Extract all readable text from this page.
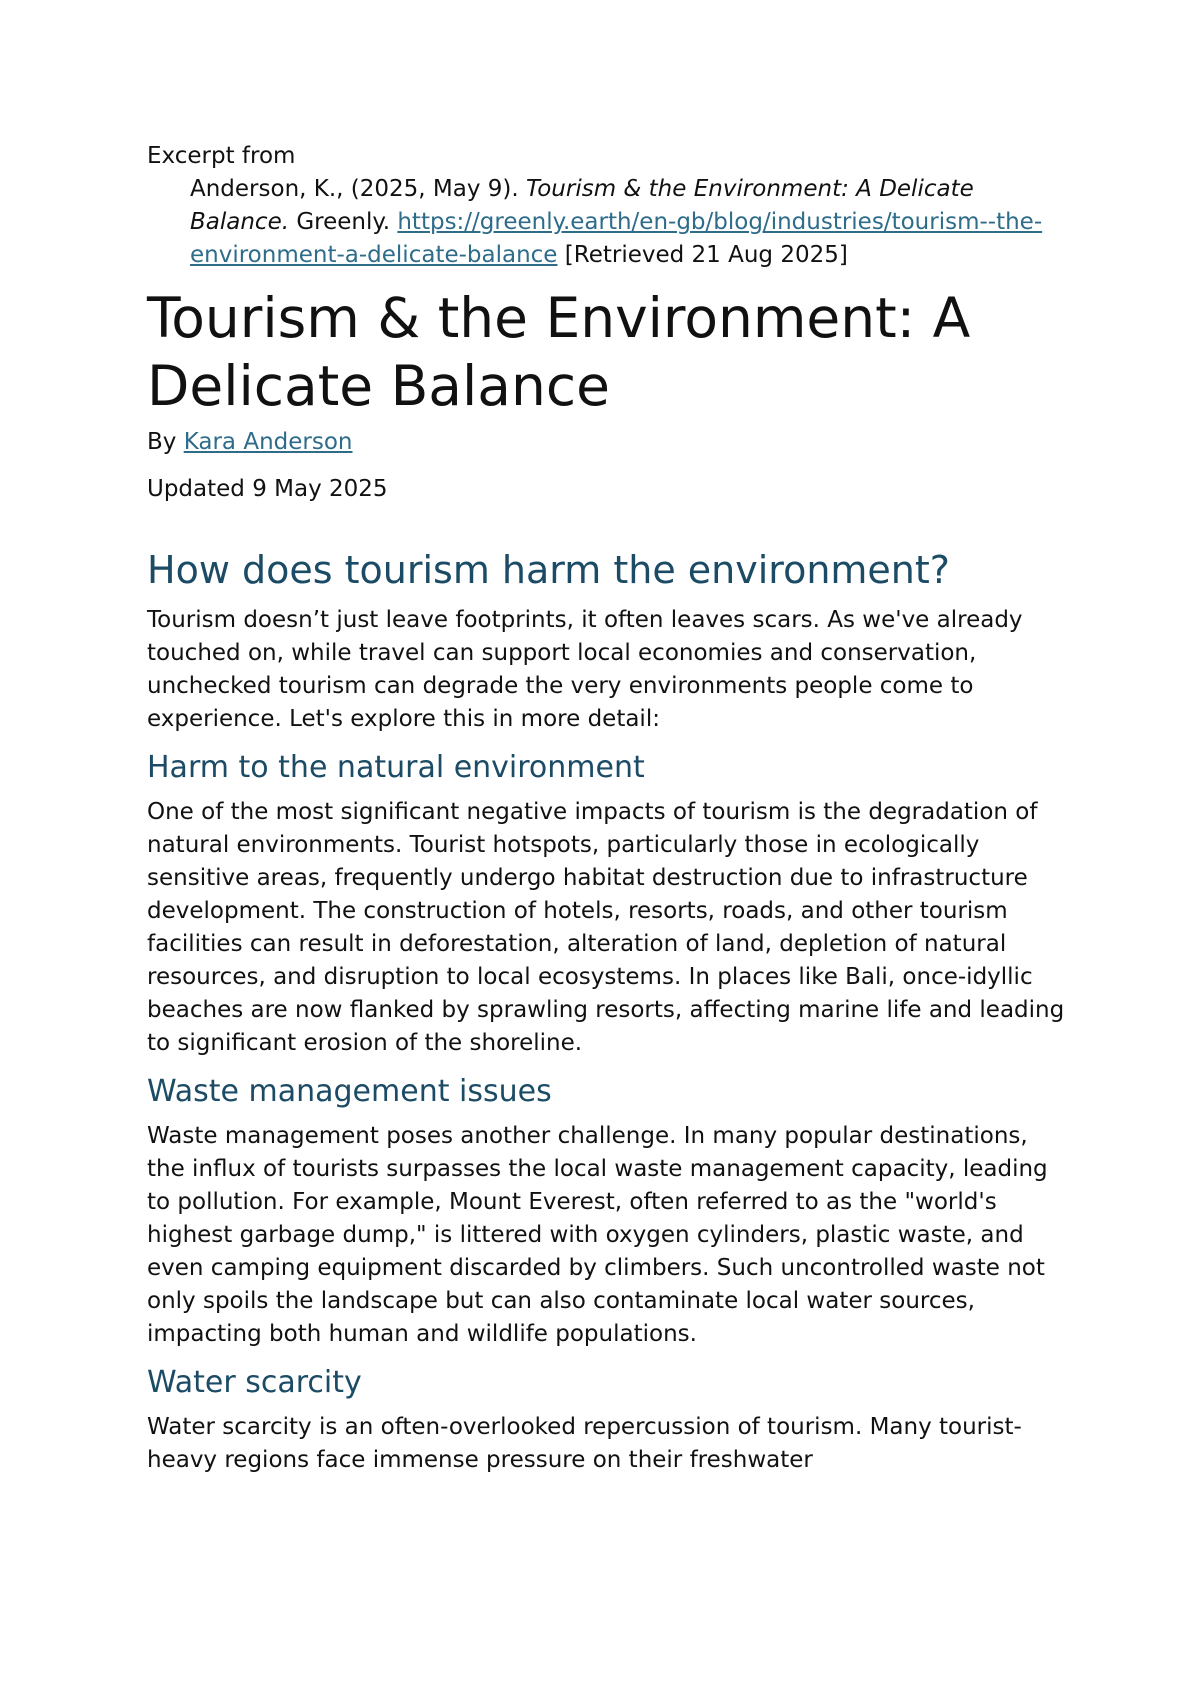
Excerpt from

Anderson, K., (2025, May 9). Tourism & the Environment: A Delicate Balance. Greenly. https://greenly.earth/en-gb/blog/industries/tourism--the-environment-a-delicate-balance [Retrieved 21 Aug 2025]

Tourism & the Environment: A Delicate Balance

By Kara Anderson

Updated 9 May 2025

How does tourism harm the environment?

Tourism doesn’t just leave footprints, it often leaves scars. As we've already touched on, while travel can support local economies and conservation, unchecked tourism can degrade the very environments people come to experience. Let's explore this in more detail:

Harm to the natural environment

One of the most significant negative impacts of tourism is the degradation of natural environments. Tourist hotspots, particularly those in ecologically sensitive areas, frequently undergo habitat destruction due to infrastructure development. The construction of hotels, resorts, roads, and other tourism facilities can result in deforestation, alteration of land, depletion of natural resources, and disruption to local ecosystems. In places like Bali, once-idyllic beaches are now flanked by sprawling resorts, affecting marine life and leading to significant erosion of the shoreline.

Waste management issues

Waste management poses another challenge. In many popular destinations, the influx of tourists surpasses the local waste management capacity, leading to pollution. For example, Mount Everest, often referred to as the "world's highest garbage dump," is littered with oxygen cylinders, plastic waste, and even camping equipment discarded by climbers. Such uncontrolled waste not only spoils the landscape but can also contaminate local water sources, impacting both human and wildlife populations.

Water scarcity

Water scarcity is an often-overlooked repercussion of tourism. Many tourist-heavy regions face immense pressure on their freshwater
